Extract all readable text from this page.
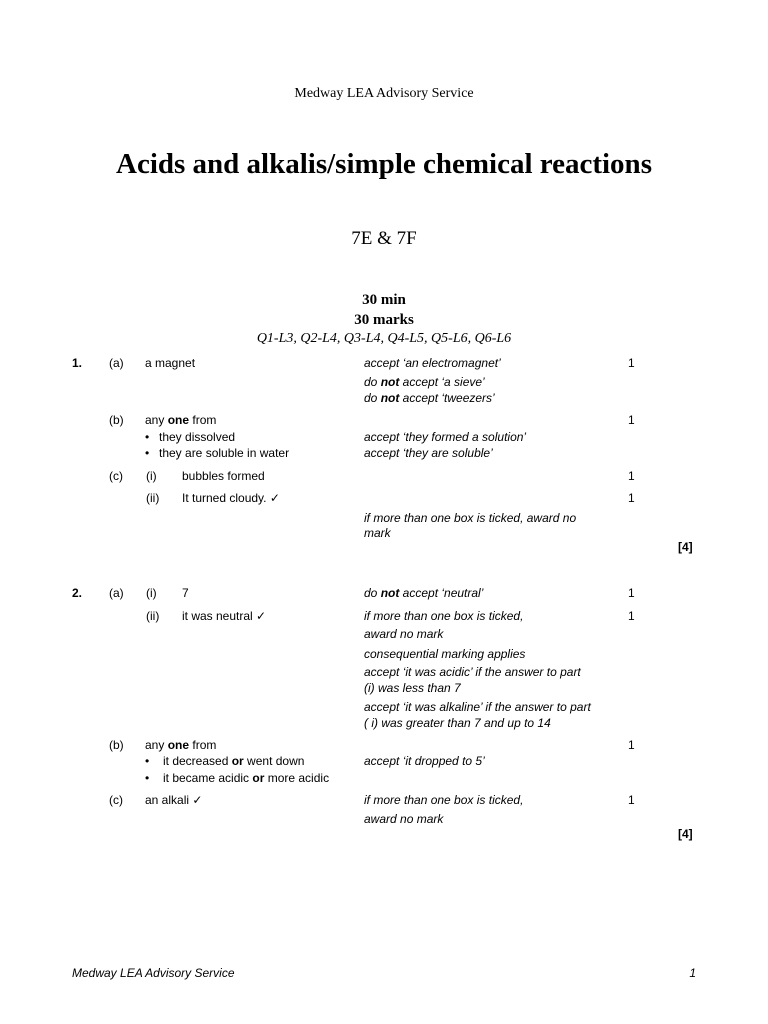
Medway LEA Advisory Service
Acids and alkalis/simple chemical reactions
7E & 7F
30 min
30 marks
Q1-L3, Q2-L4, Q3-L4, Q4-L5, Q5-L6, Q6-L6
1. (a) a magnet	accept ‘an electromagnet’	1
do not accept ‘a sieve’
do not accept ‘tweezers’
(b) any one from	1
• they dissolved	accept ‘they formed a solution’
• they are soluble in water	accept ‘they are soluble’
(c) (i) bubbles formed	1
(ii) It turned cloudy. ✓	1
if more than one box is ticked, award no
mark
[4]
2. (a) (i) 7	do not accept ‘neutral’	1
(ii) it was neutral ✓	if more than one box is ticked,	1
award no mark
consequential marking applies
accept ‘it was acidic’ if the answer to part
(i) was less than 7
accept ‘it was alkaline’ if the answer to part
( i) was greater than 7 and up to 14
(b) any one from	1
• it decreased or went down	accept ‘it dropped to 5’
• it became acidic or more acidic
(c) an alkali ✓	if more than one box is ticked,	1
award no mark
[4]
Medway LEA Advisory Service	1
